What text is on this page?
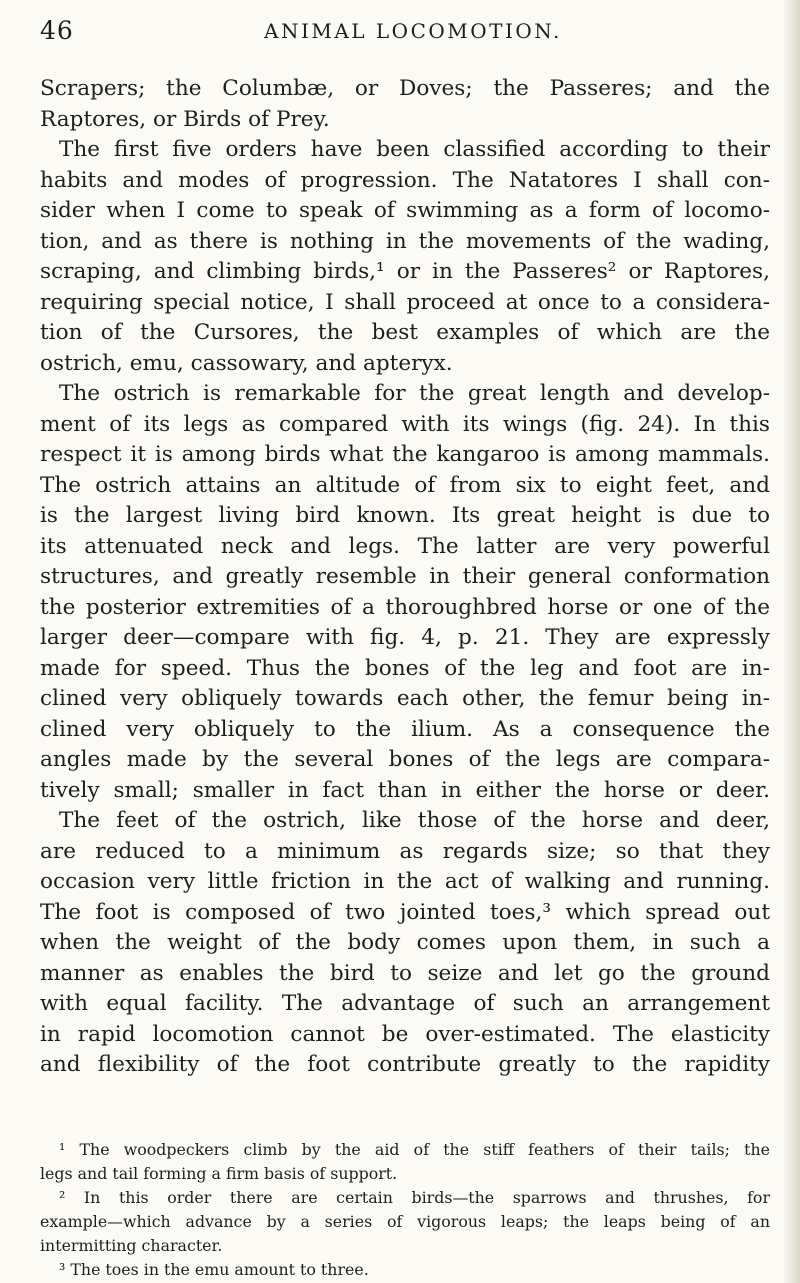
46	ANIMAL LOCOMOTION.
Scrapers; the Columbæ, or Doves; the Passeres; and the
Raptores, or Birds of Prey.
The first five orders have been classified according to their
habits and modes of progression. The Natatores I shall con-
sider when I come to speak of swimming as a form of locomo-
tion, and as there is nothing in the movements of the wading,
scraping, and climbing birds,¹ or in the Passeres² or Raptores,
requiring special notice, I shall proceed at once to a considera-
tion of the Cursores, the best examples of which are the
ostrich, emu, cassowary, and apteryx.
The ostrich is remarkable for the great length and develop-
ment of its legs as compared with its wings (fig. 24). In this
respect it is among birds what the kangaroo is among mammals.
The ostrich attains an altitude of from six to eight feet, and
is the largest living bird known. Its great height is due to
its attenuated neck and legs. The latter are very powerful
structures, and greatly resemble in their general conformation
the posterior extremities of a thoroughbred horse or one of the
larger deer—compare with fig. 4, p. 21. They are expressly
made for speed. Thus the bones of the leg and foot are in-
clined very obliquely towards each other, the femur being in-
clined very obliquely to the ilium. As a consequence the
angles made by the several bones of the legs are compara-
tively small; smaller in fact than in either the horse or deer.
The feet of the ostrich, like those of the horse and deer,
are reduced to a minimum as regards size; so that they
occasion very little friction in the act of walking and running.
The foot is composed of two jointed toes,³ which spread out
when the weight of the body comes upon them, in such a
manner as enables the bird to seize and let go the ground
with equal facility. The advantage of such an arrangement
in rapid locomotion cannot be over-estimated. The elasticity
and flexibility of the foot contribute greatly to the rapidity
¹ The woodpeckers climb by the aid of the stiff feathers of their tails; the
legs and tail forming a firm basis of support.
² In this order there are certain birds—the sparrows and thrushes, for
example—which advance by a series of vigorous leaps; the leaps being of an
intermitting character.
³ The toes in the emu amount to three.
